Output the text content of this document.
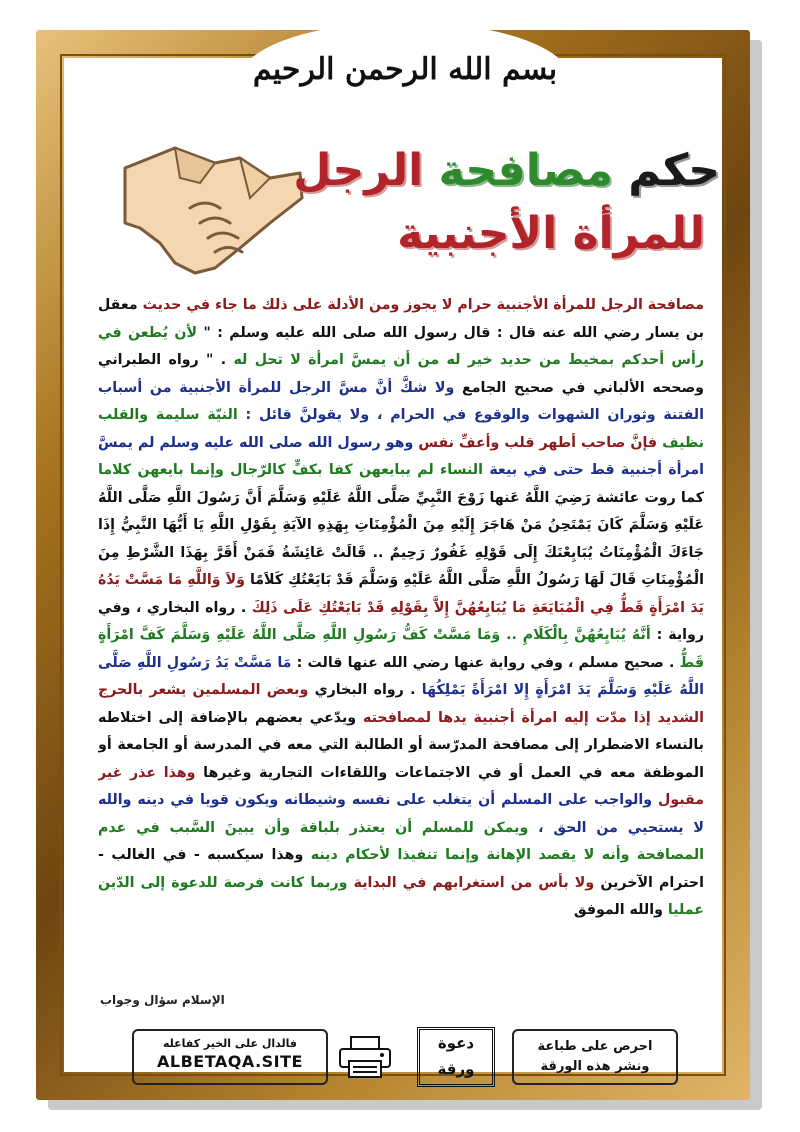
بسم الله الرحمن الرحيم
حكم مصافحة الرجل
للمرأة الأجنبية
مصافحة الرجل للمرأة الأجنبية حرام لا يجوز ومن الأدلة على ذلك ما جاء في حديث معقل بن يسار رضي الله عنه قال : قال رسول الله صلى الله عليه وسلم : " لأن يُطعن في رأس أحدكم بمخيط من حديد خير له من أن يمسَّ امرأة لا تحل له . " رواه الطبراني وصححه الألباني في صحيح الجامع ولا شكَّ أنَّ مسَّ الرجل للمرأة الأجنبية من أسباب الفتنة وثوران الشهوات والوقوع في الحرام ، ولا يقولنَّ قائل : النيّة سليمة والقلب نظيف فإنَّ صاحب أطهر قلب وأعفِّ نفس وهو رسول الله صلى الله عليه وسلم لم يمسَّ امرأة أجنبية قط حتى في بيعة النساء لم يبايعهن كفا بكفٍّ كالرّجال وإنما بايعهن كلاما كما روت عائشة رَضِيَ اللَّهُ عَنها زَوْجَ النَّبِيِّ صَلَّى اللَّهُ عَلَيْهِ وَسَلَّمَ أَنَّ رَسُولَ اللَّهِ صَلَّى اللَّهُ عَلَيْهِ وَسَلَّمَ كَانَ يَمْتَحِنُ مَنْ هَاجَرَ إِلَيْهِ مِنَ الْمُؤْمِنَاتِ بِهَذِهِ الآيَةِ بِقَوْلِ اللَّهِ يَا أَيُّهَا النَّبِيُّ إِذَا جَاءَكَ الْمُؤْمِنَاتُ يُبَايِعْنَكَ إِلَى قَوْلِهِ غَفُورٌ رَحِيمٌ .. قَالَتْ عَائِشَةُ فَمَنْ أَقَرَّ بِهَذَا الشَّرْطِ مِنَ الْمُؤْمِنَاتِ قَالَ لَهَا رَسُولُ اللَّهِ صَلَّى اللَّهُ عَلَيْهِ وَسَلَّمَ قَدْ بَايَعْتُكِ كَلاَمًا وَلاَ وَاللَّهِ مَا مَسَّتْ يَدُهُ يَدَ امْرَأَةٍ قَطُّ فِي الْمُبَايَعَةِ مَا يُبَايِعُهُنَّ إِلاَّ بِقَوْلِهِ قَدْ بَايَعْتُكِ عَلَى ذَلِكَ . رواه البخاري ، وفي رواية : أنَّهُ يُبَايِعُهُنَّ بِالْكَلَامِ .. وَمَا مَسَّتْ كَفُّ رَسُولِ اللَّهِ صَلَّى اللَّهُ عَلَيْهِ وَسَلَّمَ كَفَّ امْرَأَةٍ قَطُّ . صحيح مسلم ، وفي رواية عنها رضي الله عنها قالت : مَا مَسَّتْ يَدُ رَسُولِ اللَّهِ صَلَّى اللَّهُ عَلَيْهِ وَسَلَّمَ يَدَ امْرَأَةٍ إِلا امْرَأَةً يَمْلِكُهَا . رواه البخاري وبعض المسلمين يشعر بالحرج الشديد إذا مدّت إليه امرأة أجنبية يدها لمصافحته ويدّعي بعضهم بالإضافة إلى اختلاطه بالنساء الاضطرار إلى مصافحة المدرّسة أو الطالبة التي معه في المدرسة أو الجامعة أو الموظفة معه في العمل أو في الاجتماعات واللقاءات التجارية وغيرها وهذا عذر غير مقبول والواجب على المسلم أن يتغلب على نفسه وشيطانه ويكون قويا في دينه والله لا يستحيي من الحق ، ويمكن للمسلم أن يعتذر بلباقة وأن يبينَ السَّبب في عدم المصافحة وأنه لا يقصد الإهانة وإنما تنفيذا لأحكام دينه وهذا سيكسبه - في الغالب - احترام الآخرين ولا بأس من استغرابهم في البداية وربما كانت فرصة للدعوة إلى الدّين عمليا والله الموفق
الإسلام سؤال وجواب
فالدال على الخير كفاعله
ALBETAQA.SITE
دعوة
ورقة
احرص على طباعة
ونشر هذه الورقة
